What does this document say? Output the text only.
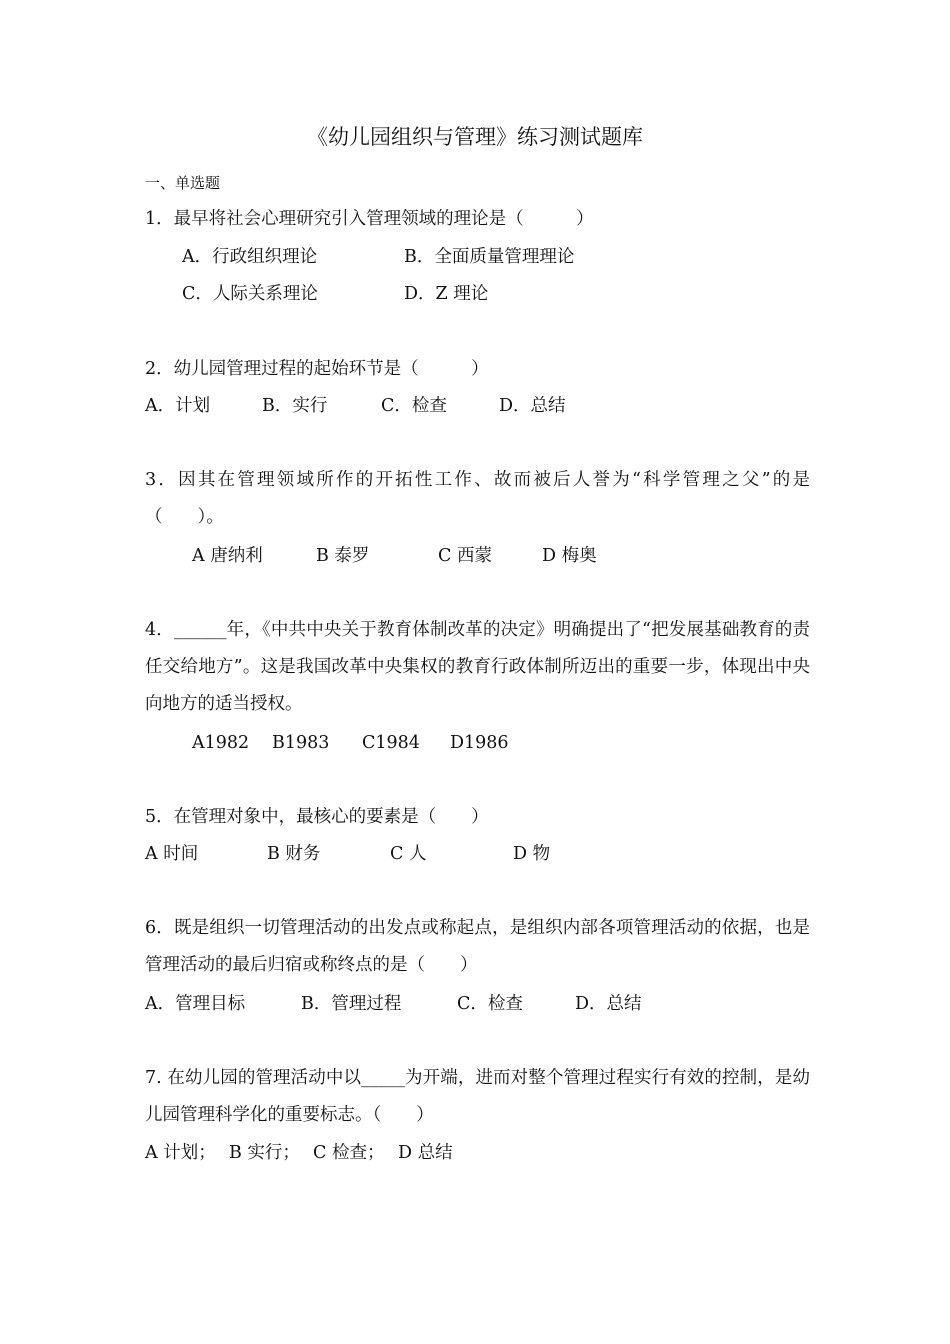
《幼儿园组织与管理》练习测试题库
一、单选题
1．最早将社会心理研究引入管理领域的理论是（　　　）
A．行政组织理论	B．全面质量管理理论
C．人际关系理论	D．Z 理论
2．幼儿园管理过程的起始环节是（　　　）
A．计划	B．实行	C．检查	D．总结
3．因其在管理领域所作的开拓性工作、故而被后人誉为“科学管理之父”的是（　　）。
A 唐纳利	B 泰罗	C 西蒙	D 梅奥
4．______年，《中共中央关于教育体制改革的决定》明确提出了“把发展基础教育的责任交给地方”。这是我国改革中央集权的教育行政体制所迈出的重要一步，体现出中央向地方的适当授权。
A1982 B1983 C1984 D1986
5．在管理对象中，最核心的要素是（　　）
A 时间	B 财务	C 人	D 物
6．既是组织一切管理活动的出发点或称起点，是组织内部各项管理活动的依据，也是管理活动的最后归宿或称终点的是（　　）
A．管理目标	B．管理过程	C．检查	D．总结
7. 在幼儿园的管理活动中以_____为开端，进而对整个管理过程实行有效的控制，是幼儿园管理科学化的重要标志。（　　）
A 计划； B 实行； C 检查； D 总结
